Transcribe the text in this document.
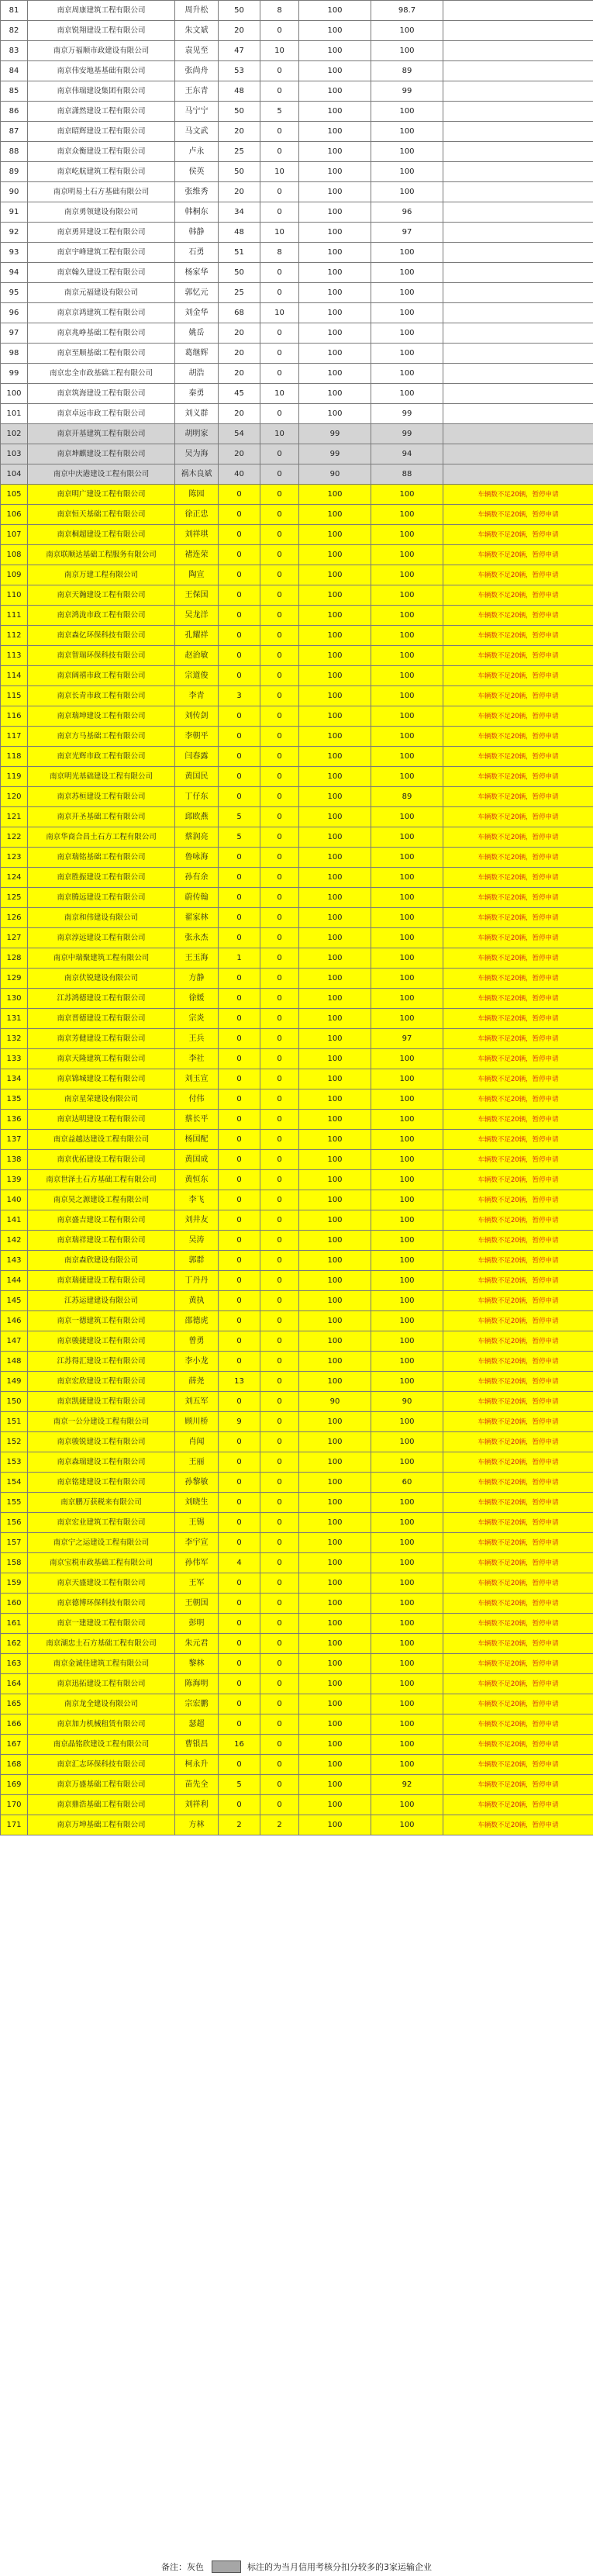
81	南京周康建筑工程有限公司	周升松	50	8	100	98.7	
82	南京锐翔建设工程有限公司	朱文斌	20	0	100	100	
83	南京万福顺市政建设有限公司	袁见至	47	10	100	100	
84	南京伟安地基基础有限公司	张尚舟	53	0	100	89	
85	南京伟瑞建设集团有限公司	王东青	48	0	100	99	
86	南京潇然建设工程有限公司	马宁宁	50	5	100	100	
87	南京昭辉建设工程有限公司	马文武	20	0	100	100	
88	南京众衡建设工程有限公司	卢永	25	0	100	100	
89	南京屹航建筑工程有限公司	侯英	50	10	100	100	
90	南京明易土石方基础有限公司	张维秀	20	0	100	100	
91	南京勇领建设有限公司	韩桐东	34	0	100	96	
92	南京勇昇建设工程有限公司	韩静	48	10	100	97	
93	南京宇峰建筑工程有限公司	石勇	51	8	100	100	
94	南京翰久建设工程有限公司	杨家华	50	0	100	100	
95	南京元福建设有限公司	郭忆元	25	0	100	100	
96	南京京鸿建筑工程有限公司	刘金华	68	10	100	100	
97	南京兆峥基础工程有限公司	姚岳	20	0	100	100	
98	南京至顺基础工程有限公司	葛继辉	20	0	100	100	
99	南京忠全市政基础工程有限公司	胡浩	20	0	100	100	
100	南京筑海建设工程有限公司	秦勇	45	10	100	100	
101	南京卓远市政工程有限公司	刘义群	20	0	100	99	
102	南京开基建筑工程有限公司	胡明家	54	10	99	99	
103	南京坤麒建设工程有限公司	吴为海	20	0	99	94	
104	南京中庆港建设工程有限公司	祸木良斌	40	0	90	88	
105	南京明广建设工程有限公司	陈园	0	0	100	100	车辆数不足20辆，暂停申请
106	南京恒天基础工程有限公司	徐正忠	0	0	100	100	车辆数不足20辆，暂停申请
107	南京桐超建设工程有限公司	刘祥琪	0	0	100	100	车辆数不足20辆，暂停申请
108	南京联顺达基础工程服务有限公司	褚连荣	0	0	100	100	车辆数不足20辆，暂停申请
109	南京万建工程有限公司	陶宣	0	0	100	100	车辆数不足20辆，暂停申请
110	南京天瀚建设工程有限公司	王保国	0	0	100	100	车辆数不足20辆，暂停申请
111	南京鸿泷市政工程有限公司	吴龙洋	0	0	100	100	车辆数不足20辆，暂停申请
112	南京森亿环保科技有限公司	孔耀祥	0	0	100	100	车辆数不足20辆，暂停申请
113	南京智瑞环保科技有限公司	赵治敏	0	0	100	100	车辆数不足20辆，暂停申请
114	南京阔禧市政工程有限公司	宗道俊	0	0	100	100	车辆数不足20辆，暂停申请
115	南京长青市政工程有限公司	李青	3	0	100	100	车辆数不足20辆，暂停申请
116	南京瑞坤建设工程有限公司	刘传剑	0	0	100	100	车辆数不足20辆，暂停申请
117	南京方马基础工程有限公司	李朝平	0	0	100	100	车辆数不足20辆，暂停申请
118	南京光辉市政工程有限公司	闫春露	0	0	100	100	车辆数不足20辆，暂停申请
119	南京明光基础建设工程有限公司	黄国民	0	0	100	100	车辆数不足20辆，暂停申请
120	南京苏桓建设工程有限公司	丁仔东	0	0	100	89	车辆数不足20辆，暂停申请
121	南京开圣基础工程有限公司	邱欧燕	5	0	100	100	车辆数不足20辆，暂停申请
122	南京华商合昌土石方工程有限公司	蔡润亮	5	0	100	100	车辆数不足20辆，暂停申请
123	南京瑞铭基础工程有限公司	鲁咏海	0	0	100	100	车辆数不足20辆，暂停申请
124	南京胜振建设工程有限公司	孙有余	0	0	100	100	车辆数不足20辆，暂停申请
125	南京腾远建设工程有限公司	蔚传翰	0	0	100	100	车辆数不足20辆，暂停申请
126	南京和伟建设有限公司	翟家林	0	0	100	100	车辆数不足20辆，暂停申请
127	南京淳远建设工程有限公司	张永杰	0	0	100	100	车辆数不足20辆，暂停申请
128	南京中瑞聚建筑工程有限公司	王玉海	1	0	100	100	车辆数不足20辆，暂停申请
129	南京伏锐建设有限公司	方静	0	0	100	100	车辆数不足20辆，暂停申请
130	江苏鸿德建设工程有限公司	徐媛	0	0	100	100	车辆数不足20辆，暂停申请
131	南京晋德建设工程有限公司	宗炎	0	0	100	100	车辆数不足20辆，暂停申请
132	南京芳健建设工程有限公司	王兵	0	0	100	97	车辆数不足20辆，暂停申请
133	南京天隆建筑工程有限公司	李社	0	0	100	100	车辆数不足20辆，暂停申请
134	南京锦城建设工程有限公司	刘玉宣	0	0	100	100	车辆数不足20辆，暂停申请
135	南京星荣建设有限公司	付伟	0	0	100	100	车辆数不足20辆，暂停申请
136	南京达明建设工程有限公司	蔡长平	0	0	100	100	车辆数不足20辆，暂停申请
137	南京益越达建设工程有限公司	杨国配	0	0	100	100	车辆数不足20辆，暂停申请
138	南京优拓建设工程有限公司	黄国成	0	0	100	100	车辆数不足20辆，暂停申请
139	南京世泽土石方基础工程有限公司	黄恒东	0	0	100	100	车辆数不足20辆，暂停申请
140	南京昊之源建设工程有限公司	李飞	0	0	100	100	车辆数不足20辆，暂停申请
141	南京盛吉建设工程有限公司	刘井友	0	0	100	100	车辆数不足20辆，暂停申请
142	南京瑞祥建设工程有限公司	吴涛	0	0	100	100	车辆数不足20辆，暂停申请
143	南京森欣建设有限公司	郭群	0	0	100	100	车辆数不足20辆，暂停申请
144	南京瑞捷建设工程有限公司	丁丹丹	0	0	100	100	车辆数不足20辆，暂停申请
145	江苏运建建设有限公司	黄执	0	0	100	100	车辆数不足20辆，暂停申请
146	南京一德建筑工程有限公司	邵德虎	0	0	100	100	车辆数不足20辆，暂停申请
147	南京骏捷建设工程有限公司	曾勇	0	0	100	100	车辆数不足20辆，暂停申请
148	江苏得汇建设工程有限公司	李小龙	0	0	100	100	车辆数不足20辆，暂停申请
149	南京宏欣建设工程有限公司	薛尧	13	0	100	100	车辆数不足20辆，暂停申请
150	南京凯捷建设工程有限公司	刘五军	0	0	90	90	车辆数不足20辆，暂停申请
151	南京一公分建设工程有限公司	顾川桥	9	0	100	100	车辆数不足20辆，暂停申请
152	南京骏锐建设工程有限公司	肖闻	0	0	100	100	车辆数不足20辆，暂停申请
153	南京森瑞建设工程有限公司	王丽	0	0	100	100	车辆数不足20辆，暂停申请
154	南京铭建建设工程有限公司	孙黎敏	0	0	100	60	车辆数不足20辆，暂停申请
155	南京鹏万获税来有限公司	刘晓生	0	0	100	100	车辆数不足20辆，暂停申请
156	南京宏业建筑工程有限公司	王锡	0	0	100	100	车辆数不足20辆，暂停申请
157	南京宁之运建设工程有限公司	李宇宣	0	0	100	100	车辆数不足20辆，暂停申请
158	南京宝税市政基础工程有限公司	孙伟军	4	0	100	100	车辆数不足20辆，暂停申请
159	南京天盛建设工程有限公司	王军	0	0	100	100	车辆数不足20辆，暂停申请
160	南京德博环保科技有限公司	王朝国	0	0	100	100	车辆数不足20辆，暂停申请
161	南京一建建设工程有限公司	彭明	0	0	100	100	车辆数不足20辆，暂停申请
162	南京湖忠土石方基础工程有限公司	朱元君	0	0	100	100	车辆数不足20辆，暂停申请
163	南京金诚佳建筑工程有限公司	黎林	0	0	100	100	车辆数不足20辆，暂停申请
164	南京迅拓建设工程有限公司	陈海明	0	0	100	100	车辆数不足20辆，暂停申请
165	南京龙全建设有限公司	宗宏鹏	0	0	100	100	车辆数不足20辆，暂停申请
166	南京加力机械租赁有限公司	瑟超	0	0	100	100	车辆数不足20辆，暂停申请
167	南京晶铭欣建设工程有限公司	曹银昌	16	0	100	100	车辆数不足20辆，暂停申请
168	南京汇志环保科技有限公司	柯永升	0	0	100	100	车辆数不足20辆，暂停申请
169	南京万盛基础工程有限公司	苗先全	5	0	100	92	车辆数不足20辆，暂停申请
170	南京鼎浩基础工程有限公司	刘祥利	0	0	100	100	车辆数不足20辆，暂停申请
171	南京万坤基础工程有限公司	方林	2	2	100	100	车辆数不足20辆，暂停申请
备注：灰色	标注的为当月信用考核分扣分较多的3家运输企业
